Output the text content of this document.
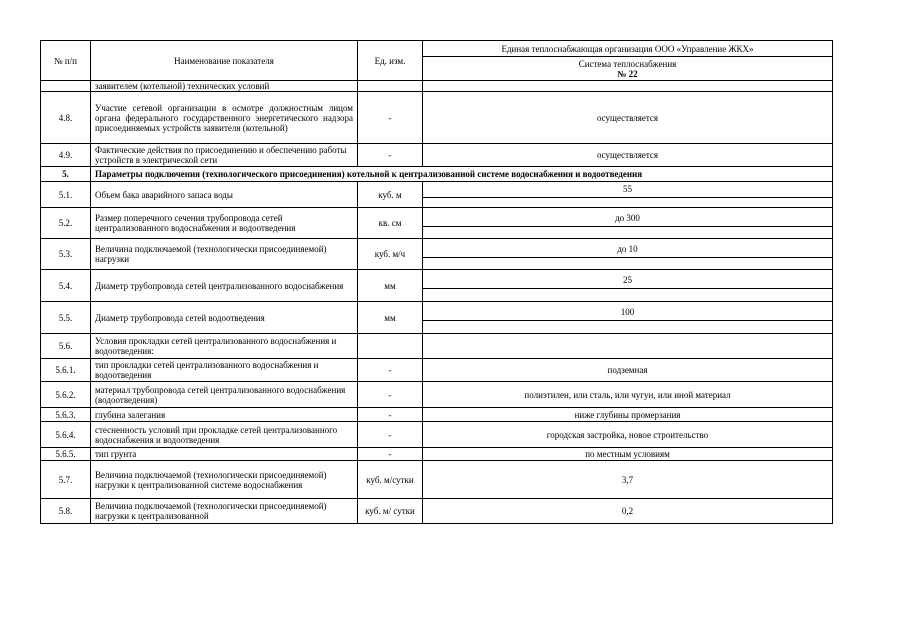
№ п/п	Наименование показателя	Ед. изм.	Единая теплоснабжающая организация ООО «Управление ЖКХ»

			Система теплоснабжения
№ 22

	заявителем (котельной) технических условий		
4.8.	Участие сетевой организации в осмотре должностным лицом органа федерального государственного энергетического надзора присоединяемых устройств заявителя (котельной)	-	осуществляется
4.9.	Фактические действия по присоединению и обеспечению работы устройств в электрической сети	-	осуществляется
5.	Параметры подключения (технологического присоединения) котельной к централизованной системе водоснабжения и водоотведения		
5.1.	Объем бака аварийного запаса воды	куб. м	55

5.2.	Размер поперечного сечения трубопровода сетей централизованного водоснабжения и водоотведения	кв. см	до 300

5.3.	Величина подключаемой (технологически присоединяемой) нагрузки	куб. м/ч	до 10

5.4.	Диаметр трубопровода сетей централизованного водоснабжения	мм	25

5.5.	Диаметр трубопровода сетей водоотведения	мм	100

5.6.	Условия прокладки сетей централизованного водоснабжения и водоотведения:		
5.6.1.	тип прокладки сетей централизованного водоснабжения и водоотведения	-	подземная
5.6.2.	материал трубопровода сетей централизованного водоснабжения (водоотведения)	-	полиэтилен, или сталь, или чугун, или иной материал
5.6.3.	глубина залегания	-	ниже глубины промерзания
5.6.4.	стесненность условий при прокладке сетей централизованного водоснабжения и водоотведения	-	городская застройка, новое строительство
5.6.5.	тип грунта	-	по местным условиям
5.7.	Величина подключаемой (технологически присоединяемой) нагрузки к централизованной системе водоснабжения	куб. м/сутки	3,7
5.8.	Величина подключаемой (технологически присоединяемой) нагрузки к централизованной	куб. м/ сутки	0,2
